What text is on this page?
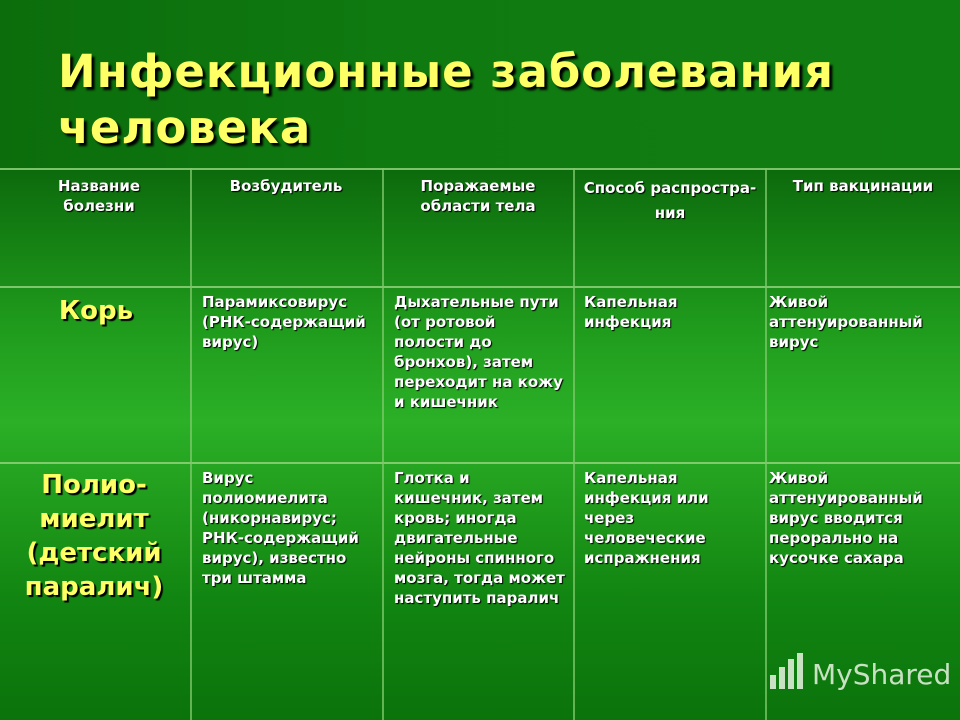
Инфекционные заболевания человека
Название болезни
Возбудитель	Поражаемые области тела
Способ распростра-ния
Тип вакцинации
Корь	Парамиксовирус (РНК-содержащий вирус)
Дыхательные пути (от ротовой полости до бронхов), затем переходит на кожу и кишечник
Капельная инфекция
Живой аттенуированный вирус
Полио-миелит (детский паралич)
Вирус полиомиелита (никорнавирус; РНК-содержащий вирус), известно три штамма
Глотка и кишечник, затем кровь; иногда двигательные нейроны спинного мозга, тогда может наступить паралич
Капельная инфекция или через человеческие испражнения
Живой аттенуированный вирус вводится перорально на кусочке сахара
MyShared
